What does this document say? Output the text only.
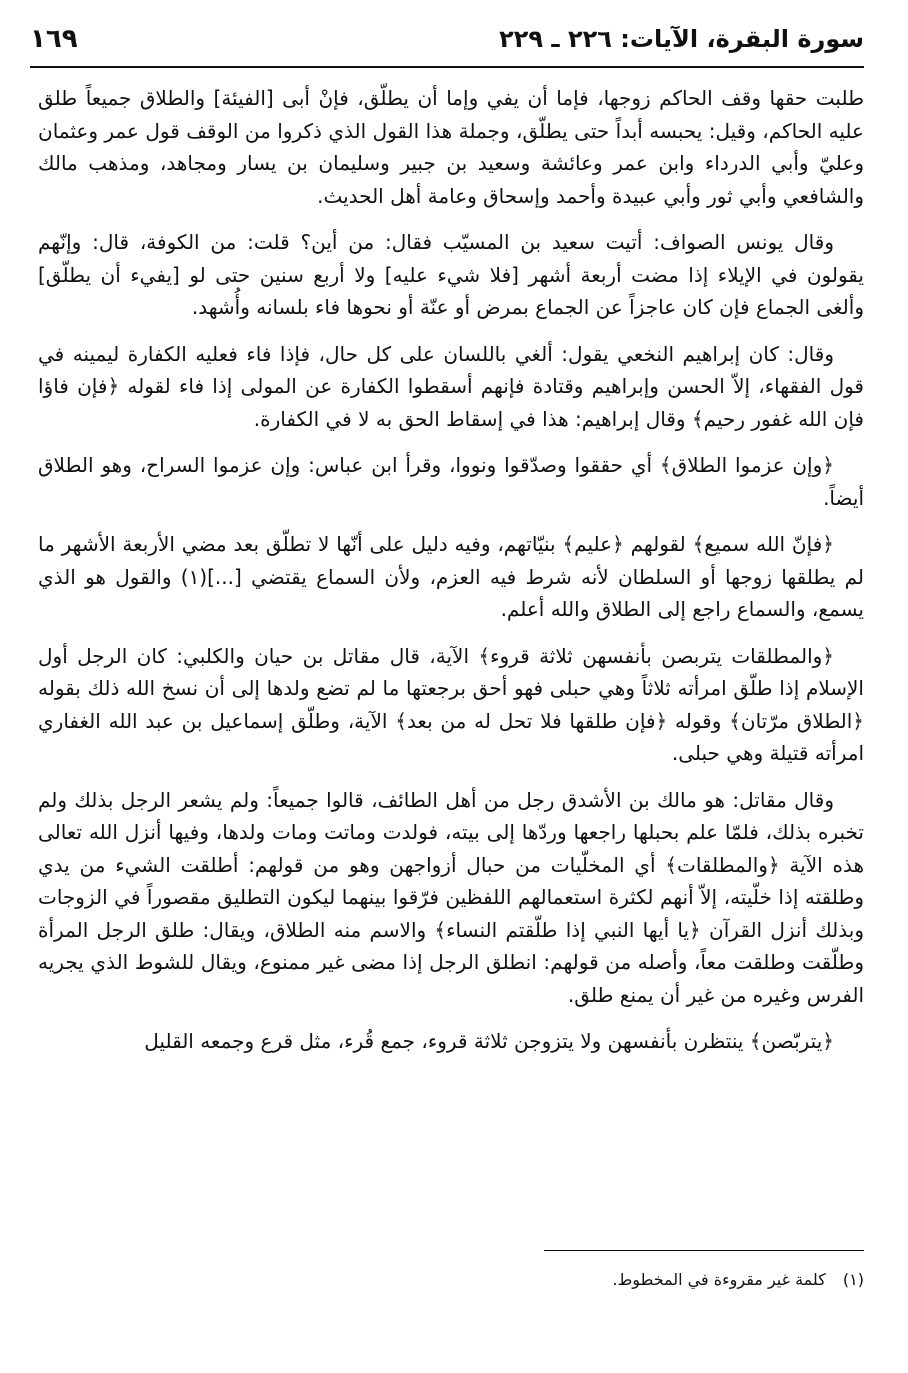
سورة البقرة، الآيات: ٢٢٦ ـ ٢٢٩
١٦٩

طلبت حقها وقف الحاكم زوجها، فإما أن يفي وإما أن يطلّق، فإنْ أبى [الفيئة] والطلاق جميعاً طلق عليه الحاكم، وقيل: يحبسه أبداً حتى يطلّق، وجملة هذا القول الذي ذكروا من الوقف قول عمر وعثمان وعليّ وأبي الدرداء وابن عمر وعائشة وسعيد بن جبير وسليمان بن يسار ومجاهد، ومذهب مالك والشافعي وأبي ثور وأبي عبيدة وأحمد وإسحاق وعامة أهل الحديث.

وقال يونس الصواف: أتيت سعيد بن المسيّب فقال: من أين؟ قلت: من الكوفة، قال: وإنّهم يقولون في الإيلاء إذا مضت أربعة أشهر [فلا شيء عليه] ولا أربع سنين حتى لو [يفيء أن يطلّق] وألغى الجماع فإن كان عاجزاً عن الجماع بمرض أو عنّة أو نحوها فاء بلسانه وأُشهد.

وقال: كان إبراهيم النخعي يقول: ألغي باللسان على كل حال، فإذا فاء فعليه الكفارة ليمينه في قول الفقهاء، إلاّ الحسن وإبراهيم وقتادة فإنهم أسقطوا الكفارة عن المولى إذا فاء لقوله ﴿فإن فاؤا فإن الله غفور رحيم﴾ وقال إبراهيم: هذا في إسقاط الحق به لا في الكفارة.

﴿وإن عزموا الطلاق﴾ أي حققوا وصدّقوا ونووا، وقرأ ابن عباس: وإن عزموا السراح، وهو الطلاق أيضاً.

﴿فإنّ الله سميع﴾ لقولهم ﴿عليم﴾ بنيّاتهم، وفيه دليل على أنّها لا تطلّق بعد مضي الأربعة الأشهر ما لم يطلقها زوجها أو السلطان لأنه شرط فيه العزم، ولأن السماع يقتضي [...](١) والقول هو الذي يسمع، والسماع راجع إلى الطلاق والله أعلم.

﴿والمطلقات يتربصن بأنفسهن ثلاثة قروء﴾ الآية، قال مقاتل بن حيان والكلبي: كان الرجل أول الإسلام إذا طلّق امرأته ثلاثاً وهي حبلى فهو أحق برجعتها ما لم تضع ولدها إلى أن نسخ الله ذلك بقوله ﴿الطلاق مرّتان﴾ وقوله ﴿فإن طلقها فلا تحل له من بعد﴾ الآية، وطلّق إسماعيل بن عبد الله الغفاري امرأته قتيلة وهي حبلى.

وقال مقاتل: هو مالك بن الأشدق رجل من أهل الطائف، قالوا جميعاً: ولم يشعر الرجل بذلك ولم تخبره بذلك، فلمّا علم بحبلها راجعها وردّها إلى بيته، فولدت وماتت ومات ولدها، وفيها أنزل الله تعالى هذه الآية ﴿والمطلقات﴾ أي المخلّيات من حبال أزواجهن وهو من قولهم: أطلقت الشيء من يدي وطلقته إذا خلّيته، إلاّ أنهم لكثرة استعمالهم اللفظين فرّقوا بينهما ليكون التطليق مقصوراً في الزوجات وبذلك أنزل القرآن ﴿يا أيها النبي إذا طلّقتم النساء﴾ والاسم منه الطلاق، ويقال: طلق الرجل المرأة وطلّقت وطلقت معاً، وأصله من قولهم: انطلق الرجل إذا مضى غير ممنوع، ويقال للشوط الذي يجريه الفرس وغيره من غير أن يمنع طلق.

﴿يتربّصن﴾ ينتظرن بأنفسهن ولا يتزوجن ثلاثة قروء، جمع قُرء، مثل قرع وجمعه القليل

(١) كلمة غير مقروءة في المخطوط.
